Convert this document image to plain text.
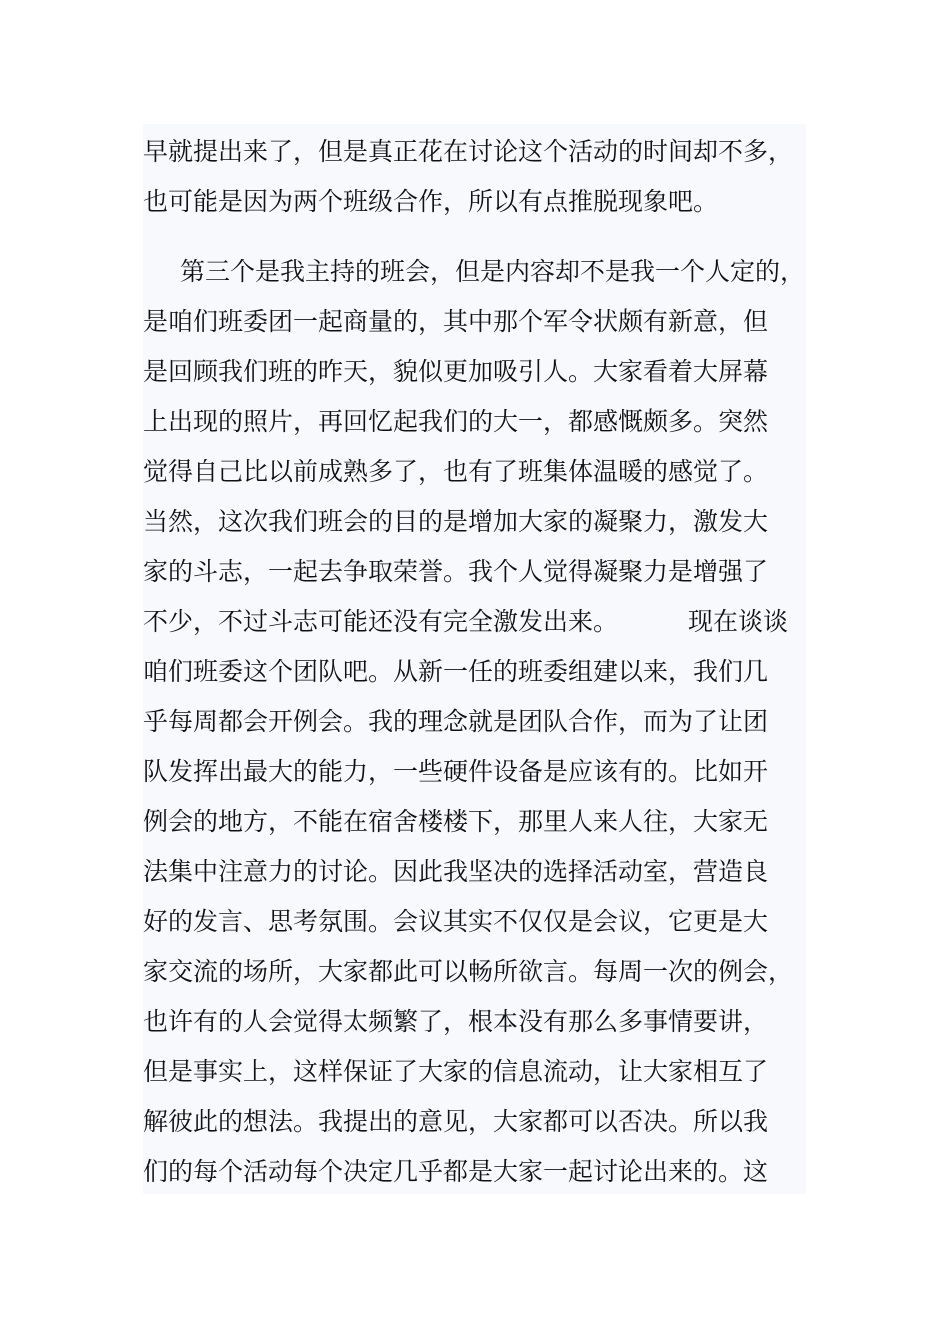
早就提出来了，但是真正花在讨论这个活动的时间却不多，
也可能是因为两个班级合作，所以有点推脱现象吧。
第三个是我主持的班会，但是内容却不是我一个人定的，
是咱们班委团一起商量的，其中那个军令状颇有新意，但
是回顾我们班的昨天，貌似更加吸引人。大家看着大屏幕
上出现的照片，再回忆起我们的大一，都感慨颇多。突然
觉得自己比以前成熟多了，也有了班集体温暖的感觉了。
当然，这次我们班会的目的是增加大家的凝聚力，激发大
家的斗志，一起去争取荣誉。我个人觉得凝聚力是增强了
不少，不过斗志可能还没有完全激发出来。	现在谈谈
咱们班委这个团队吧。从新一任的班委组建以来，我们几
乎每周都会开例会。我的理念就是团队合作，而为了让团
队发挥出最大的能力，一些硬件设备是应该有的。比如开
例会的地方，不能在宿舍楼楼下，那里人来人往，大家无
法集中注意力的讨论。因此我坚决的选择活动室，营造良
好的发言、思考氛围。会议其实不仅仅是会议，它更是大
家交流的场所，大家都此可以畅所欲言。每周一次的例会，
也许有的人会觉得太频繁了，根本没有那么多事情要讲，
但是事实上，这样保证了大家的信息流动，让大家相互了
解彼此的想法。我提出的意见，大家都可以否决。所以我
们的每个活动每个决定几乎都是大家一起讨论出来的。这
